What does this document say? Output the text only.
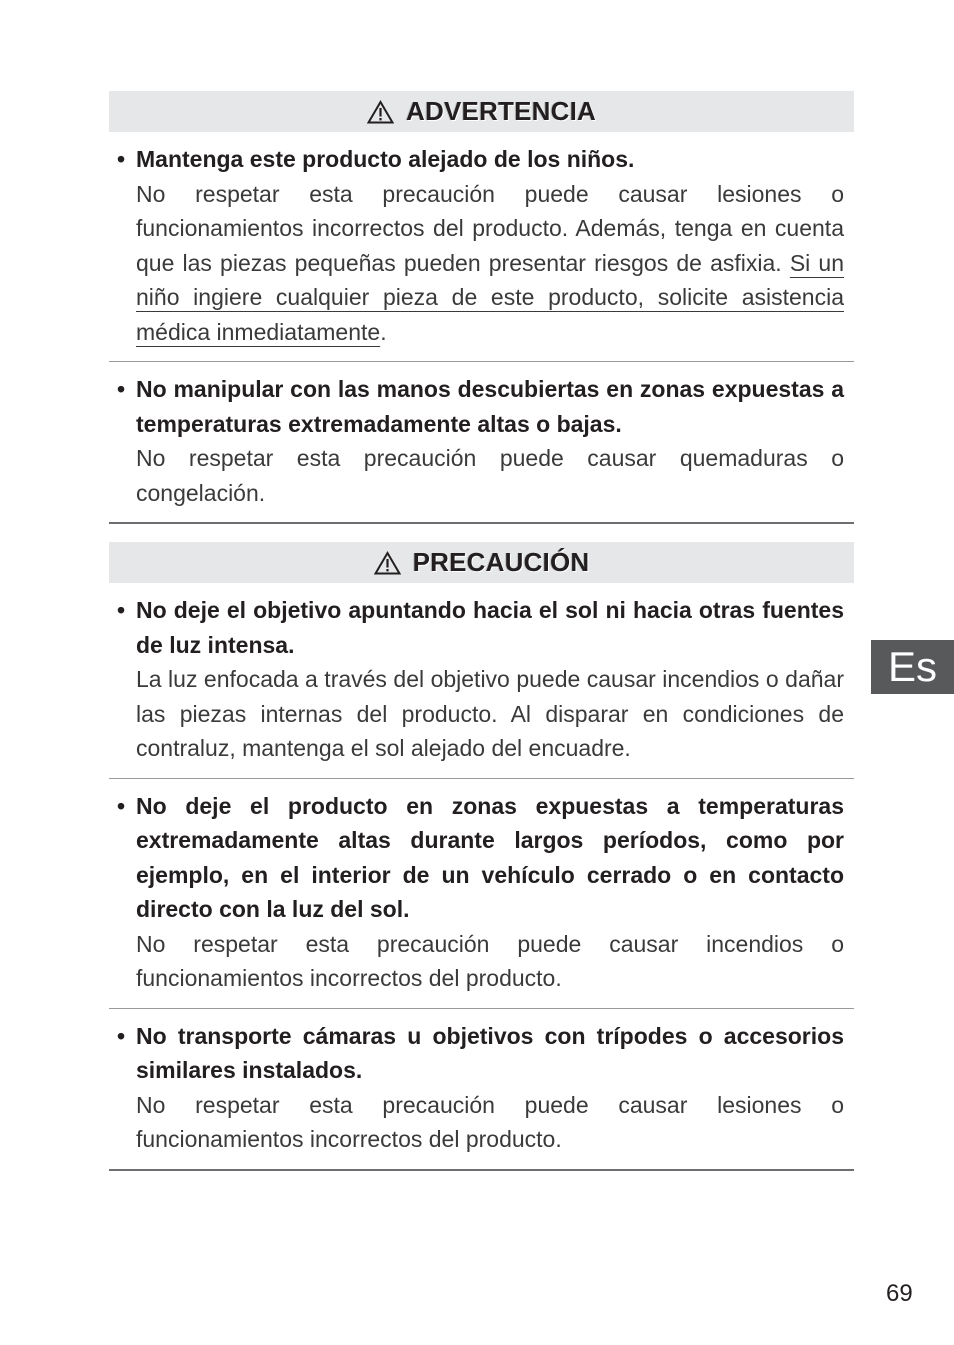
ADVERTENCIA
• Mantenga este producto alejado de los niños.

No respetar esta precaución puede causar lesiones o funcionamientos incorrectos del producto. Además, tenga en cuenta que las piezas pequeñas pueden presentar riesgos de asfixia. Si un niño ingiere cualquier pieza de este producto, solicite asistencia médica inmediatamente.

• No manipular con las manos descubiertas en zonas expuestas a temperaturas extremadamente altas o bajas.

No respetar esta precaución puede causar quemaduras o congelación.

PRECAUCIÓN
• No deje el objetivo apuntando hacia el sol ni hacia otras fuentes de luz intensa.

La luz enfocada a través del objetivo puede causar incendios o dañar las piezas internas del producto. Al disparar en condiciones de contraluz, mantenga el sol alejado del encuadre.

• No deje el producto en zonas expuestas a temperaturas extremadamente altas durante largos períodos, como por ejemplo, en el interior de un vehículo cerrado o en contacto directo con la luz del sol.

No respetar esta precaución puede causar incendios o funcionamientos incorrectos del producto.

• No transporte cámaras u objetivos con trípodes o accesorios similares instalados.

No respetar esta precaución puede causar lesiones o funcionamientos incorrectos del producto.

Es
69
